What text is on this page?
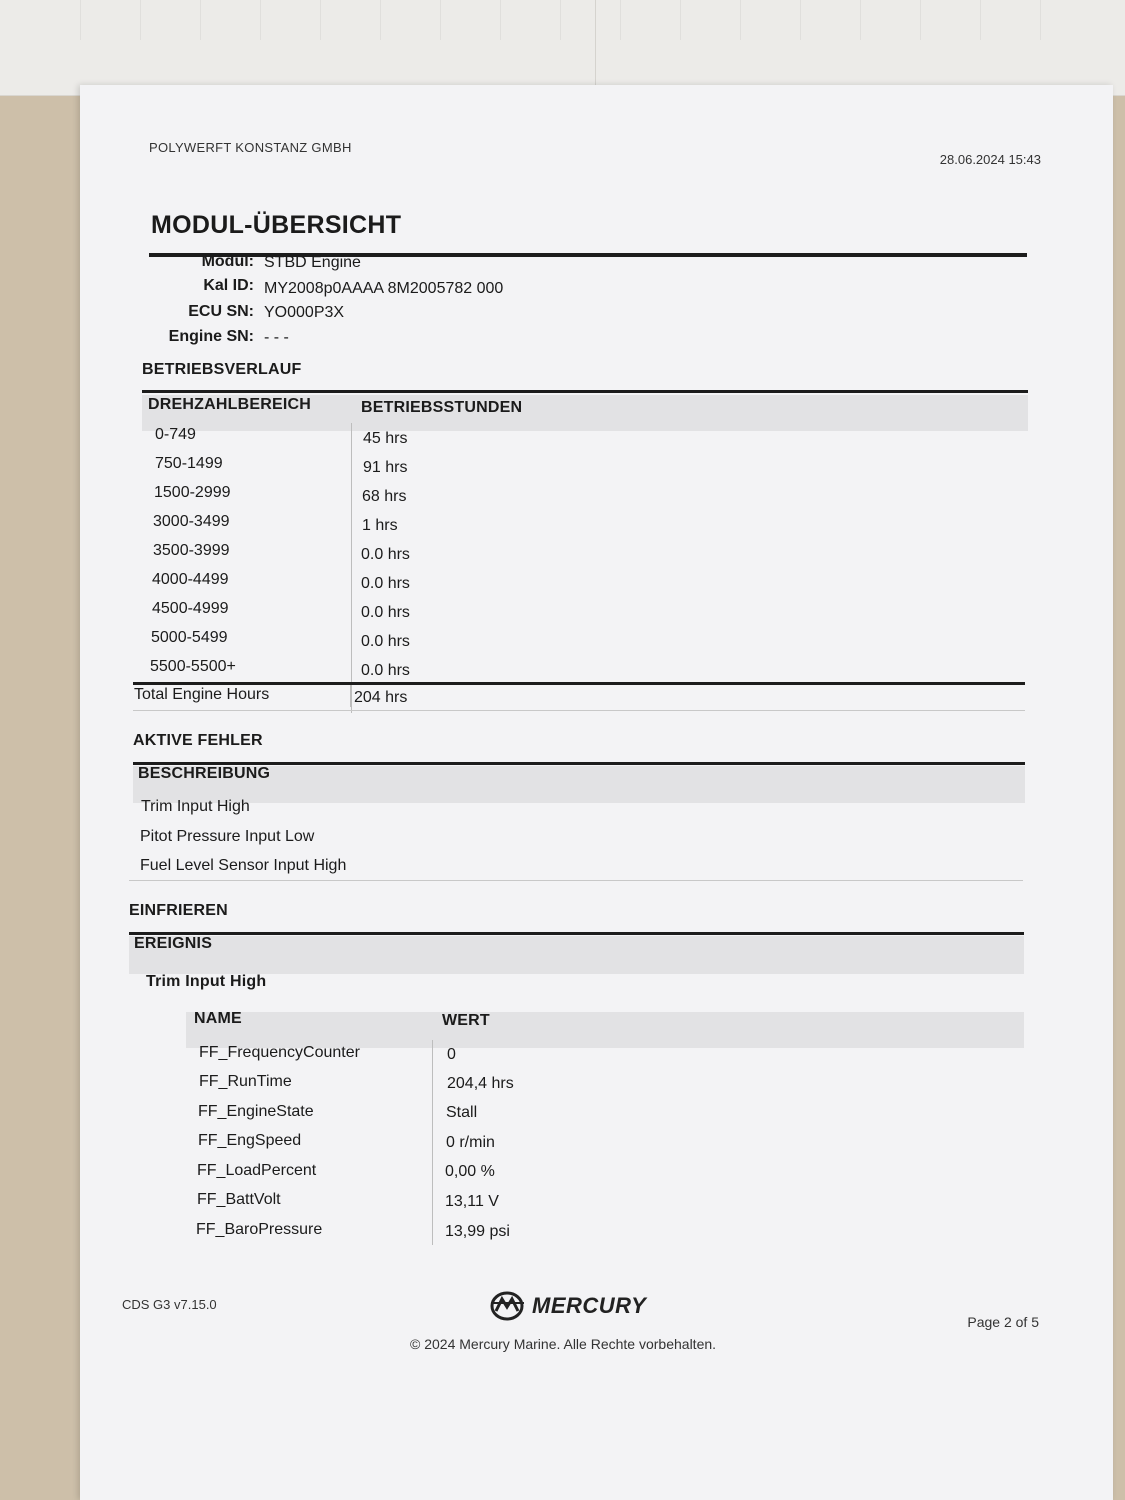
POLYWERFT KONSTANZ GMBH
28.06.2024 15:43
MODUL-ÜBERSICHT
Modul: STBD Engine
Kal ID: MY2008p0AAAA 8M2005782 000
ECU SN: YO000P3X
Engine SN: - - -
BETRIEBSVERLAUF
DREHZAHLBEREICH	BETRIEBSSTUNDEN
0-749	45 hrs
750-1499	91 hrs
1500-2999	68 hrs
3000-3499	1 hrs
3500-3999	0.0 hrs
4000-4499	0.0 hrs
4500-4999	0.0 hrs
5000-5499	0.0 hrs
5500-5500+	0.0 hrs
Total Engine Hours	204 hrs
AKTIVE FEHLER
BESCHREIBUNG
Trim Input High
Pitot Pressure Input Low
Fuel Level Sensor Input High
EINFRIEREN
EREIGNIS
Trim Input High
NAME	WERT
FF_FrequencyCounter	0
FF_RunTime	204,4 hrs
FF_EngineState	Stall
FF_EngSpeed	0 r/min
FF_LoadPercent	0,00 %
FF_BattVolt	13,11 V
FF_BaroPressure	13,99 psi
CDS G3 v7.15.0	MERCURY
© 2024 Mercury Marine. Alle Rechte vorbehalten.
Page 2 of 5
